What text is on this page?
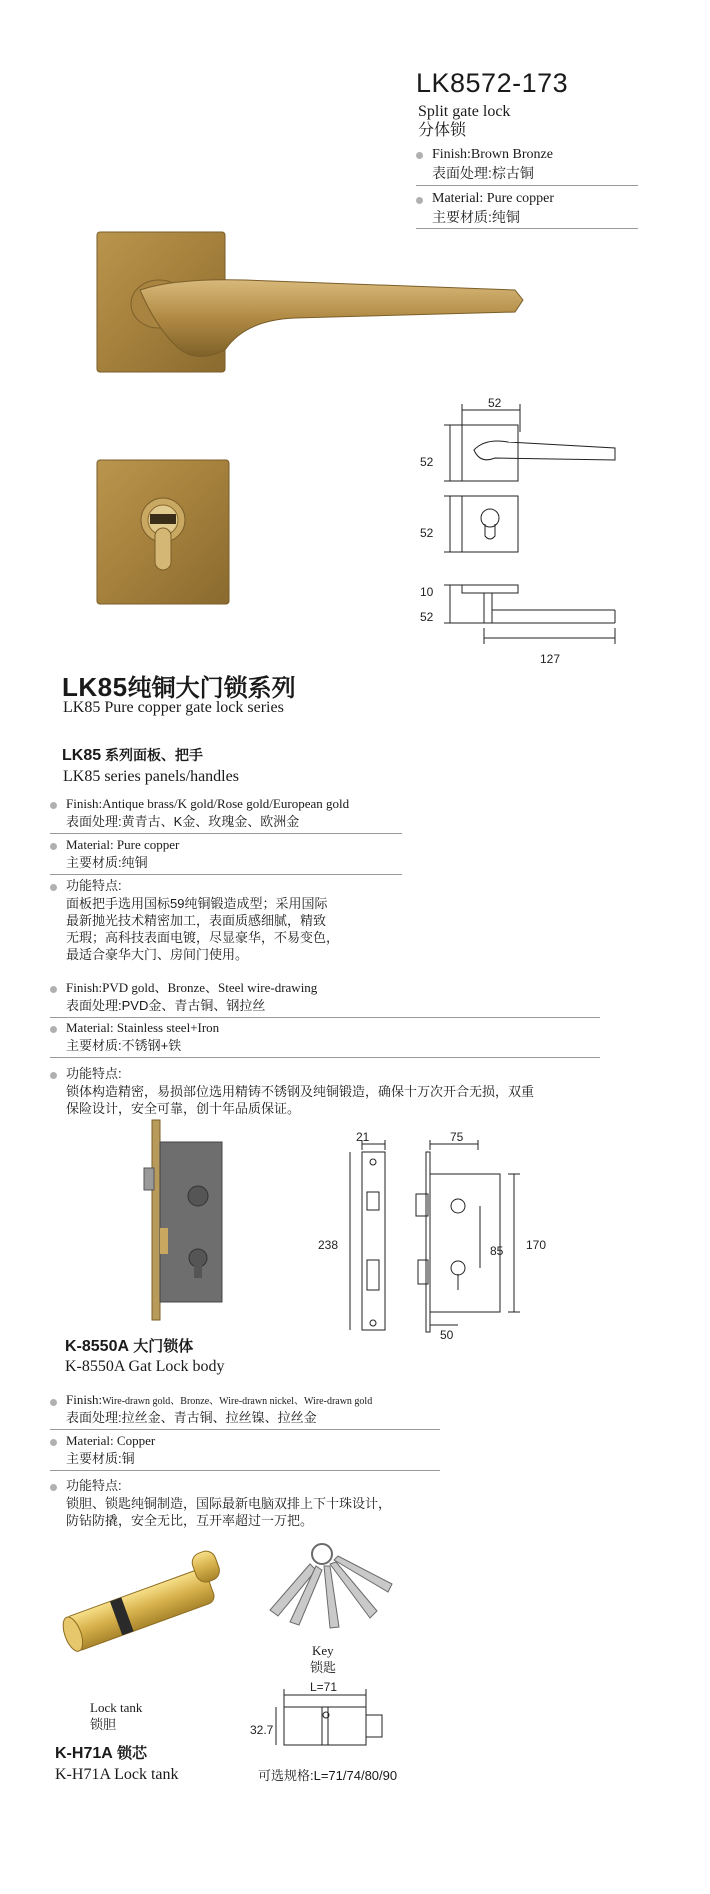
LK8572-173
Split gate lock
分体锁
Finish:Brown Bronze
表面处理:棕古铜
Material: Pure copper
主要材质:纯铜
52
52
52
10
52
127
LK85纯铜大门锁系列
LK85 Pure copper gate lock series
LK85 系列面板、把手
LK85 series panels/handles
Finish:Antique brass/K gold/Rose gold/European gold
表面处理:黄青古、K金、玫瑰金、欧洲金
Material: Pure copper
主要材质:纯铜
功能特点:
面板把手选用国标59纯铜锻造成型；采用国际
最新抛光技术精密加工，表面质感细腻，精致
无瑕；高科技表面电镀，尽显豪华，不易变色，
最适合豪华大门、房间门使用。
Finish:PVD gold、Bronze、Steel wire-drawing
表面处理:PVD金、青古铜、钢拉丝
Material: Stainless steel+Iron
主要材质:不锈钢+铁
功能特点:
锁体构造精密，易损部位选用精铸不锈钢及纯铜锻造，确保十万次开合无损，双重
保险设计，安全可靠，创十年品质保证。
21
238
75
170
85
50
K-8550A 大门锁体
K-8550A Gat Lock body
Finish:Wire-drawn gold、Bronze、Wire-drawn nickel、Wire-drawn gold
表面处理:拉丝金、青古铜、拉丝镍、拉丝金
Material: Copper
主要材质:铜
功能特点:
锁胆、锁匙纯铜制造，国际最新电脑双排上下十珠设计，
防钻防撬，安全无比，互开率超过一万把。
Key
锁匙
Lock tank
锁胆
L=71
32.7
K-H71A 锁芯
K-H71A Lock tank	可选规格:L=71/74/80/90
